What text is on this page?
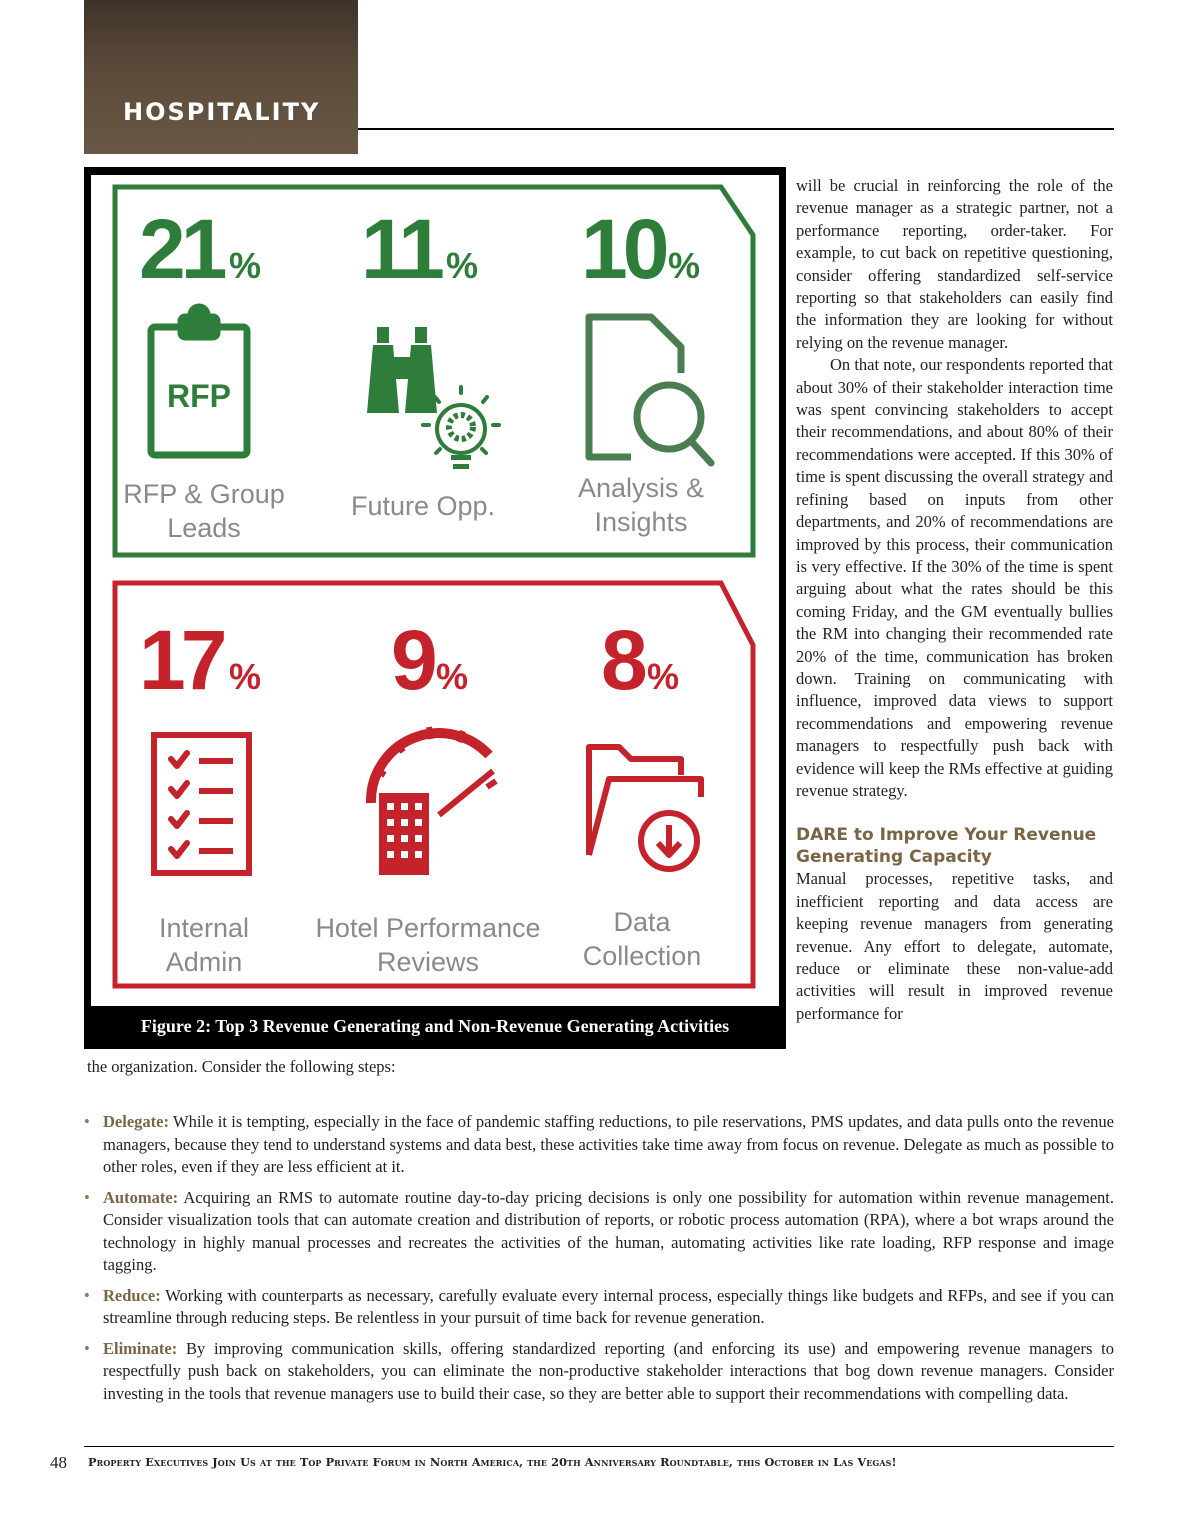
HOSPITALITY
21 % 11 % 10 %
RFP
RFP & Group
Leads
Future Opp.
Analysis &
Insights
17 % 9
% 8 %
Internal
Admin
Hotel Performance
Reviews
Data
Collection
Figure 2: Top 3 Revenue Generating and Non-Revenue Generating Activities

will be crucial in reinforcing the role of the revenue manager as a strategic partner, not a performance reporting, order-taker. For example, to cut back on repetitive questioning, consider offering standardized self-service reporting so that stakeholders can easily find the information they are looking for without relying on the revenue manager.

On that note, our respondents reported that about 30% of their stakeholder interaction time was spent convincing stakeholders to accept their recommendations, and about 80% of their recommendations were accepted. If this 30% of time is spent discussing the overall strategy and refining based on inputs from other departments, and 20% of recommendations are improved by this process, their communication is very effective. If the 30% of the time is spent arguing about what the rates should be this coming Friday, and the GM eventually bullies the RM into changing their recommended rate 20% of the time, communication has broken down. Training on communicating with influence, improved data views to support recommendations and empowering revenue managers to respectfully push back with evidence will keep the RMs effective at guiding revenue strategy.

DARE to Improve Your Revenue Generating Capacity

Manual processes, repetitive tasks, and inefficient reporting and data access are keeping revenue managers from generating revenue. Any effort to delegate, automate, reduce or eliminate these non-value-add activities will result in improved revenue performance for

the organization. Consider the following steps:
• Delegate: While it is tempting, especially in the face of pandemic staffing reductions, to pile reservations, PMS updates, and data pulls onto the revenue managers, because they tend to understand systems and data best, these activities take time away from focus on revenue. Delegate as much as possible to other roles, even if they are less efficient at it.
• Automate: Acquiring an RMS to automate routine day-to-day pricing decisions is only one possibility for automation within revenue management. Consider visualization tools that can automate creation and distribution of reports, or robotic process automation (RPA), where a bot wraps around the technology in highly manual processes and recreates the activities of the human, automating activities like rate loading, RFP response and image tagging.
• Reduce: Working with counterparts as necessary, carefully evaluate every internal process, especially things like budgets and RFPs, and see if you can streamline through reducing steps. Be relentless in your pursuit of time back for revenue generation.
• Eliminate: By improving communication skills, offering standardized reporting (and enforcing its use) and empowering revenue managers to respectfully push back on stakeholders, you can eliminate the non-productive stakeholder interactions that bog down revenue managers. Consider investing in the tools that revenue managers use to build their case, so they are better able to support their recommendations with compelling data.
48 Property Executives Join Us at the Top Private Forum in North America, the 20th Anniversary Roundtable, this October in Las Vegas!
